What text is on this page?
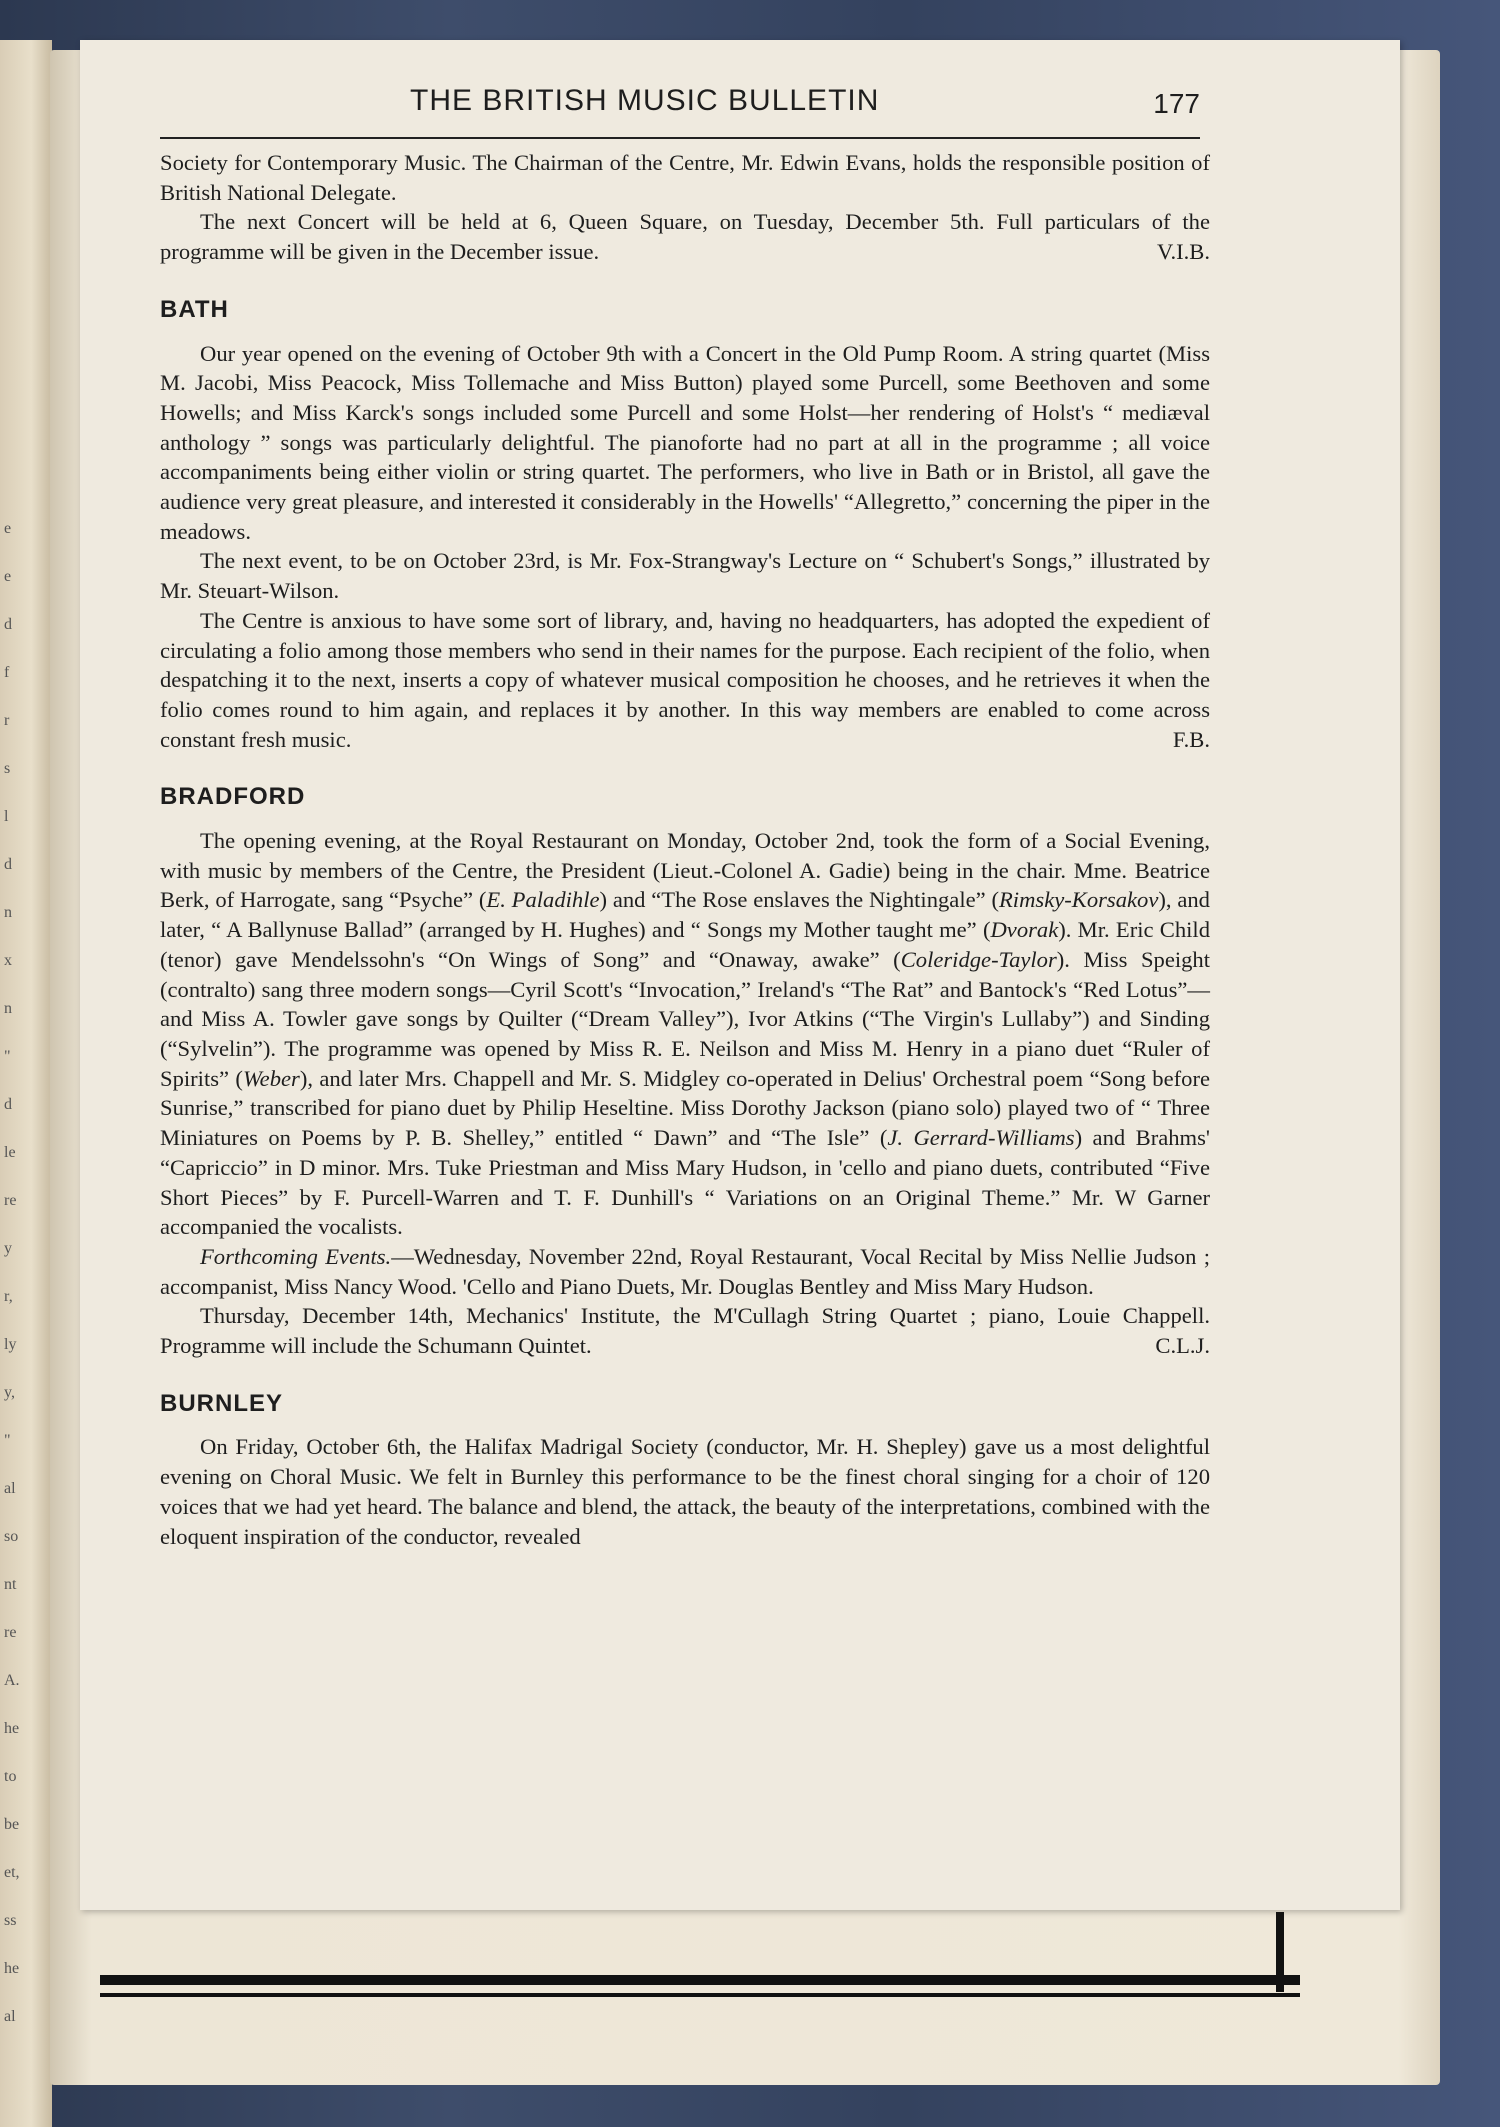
e
e
d
f
r
s
l
d
n
x
n
"
d
le
re
y
r,
ly
y,
"
al
so
nt
re
A.
he
to
be
et,
ss
he
al
THE BRITISH MUSIC BULLETIN	177

Society for Contemporary Music. The Chairman of the Centre, Mr. Edwin Evans, holds the responsible position of British National Delegate.

The next Concert will be held at 6, Queen Square, on Tuesday, December 5th. Full particulars of the programme will be given in the December issue.	V.I.B.

BATH

Our year opened on the evening of October 9th with a Concert in the Old Pump Room. A string quartet (Miss M. Jacobi, Miss Peacock, Miss Tollemache and Miss Button) played some Purcell, some Beethoven and some Howells; and Miss Karck's songs included some Purcell and some Holst—her rendering of Holst's “ mediæval anthology ” songs was particularly delightful. The pianoforte had no part at all in the programme ; all voice accompaniments being either violin or string quartet. The performers, who live in Bath or in Bristol, all gave the audience very great pleasure, and interested it considerably in the Howells' “Allegretto,” concerning the piper in the meadows.

The next event, to be on October 23rd, is Mr. Fox-Strangway's Lecture on “ Schubert's Songs,” illustrated by Mr. Steuart-Wilson.

The Centre is anxious to have some sort of library, and, having no headquarters, has adopted the expedient of circulating a folio among those members who send in their names for the purpose. Each recipient of the folio, when despatching it to the next, inserts a copy of whatever musical composition he chooses, and he retrieves it when the folio comes round to him again, and replaces it by another. In this way members are enabled to come across constant fresh music.	F.B.

BRADFORD

The opening evening, at the Royal Restaurant on Monday, October 2nd, took the form of a Social Evening, with music by members of the Centre, the President (Lieut.-Colonel A. Gadie) being in the chair. Mme. Beatrice Berk, of Harrogate, sang “Psyche” (E. Paladihle) and “The Rose enslaves the Nightingale” (Rimsky-Korsakov), and later, “ A Ballynuse Ballad” (arranged by H. Hughes) and “ Songs my Mother taught me” (Dvorak). Mr. Eric Child (tenor) gave Mendelssohn's “On Wings of Song” and “Onaway, awake” (Coleridge-Taylor). Miss Speight (contralto) sang three modern songs—Cyril Scott's “Invocation,” Ireland's “The Rat” and Bantock's “Red Lotus”—and Miss A. Towler gave songs by Quilter (“Dream Valley”), Ivor Atkins (“The Virgin's Lullaby”) and Sinding (“Sylvelin”). The programme was opened by Miss R. E. Neilson and Miss M. Henry in a piano duet “Ruler of Spirits” (Weber), and later Mrs. Chappell and Mr. S. Midgley co-operated in Delius' Orchestral poem “Song before Sunrise,” transcribed for piano duet by Philip Heseltine. Miss Dorothy Jackson (piano solo) played two of “ Three Miniatures on Poems by P. B. Shelley,” entitled “ Dawn” and “The Isle” (J. Gerrard-Williams) and Brahms' “Capriccio” in D minor. Mrs. Tuke Priestman and Miss Mary Hudson, in 'cello and piano duets, contributed “Five Short Pieces” by F. Purcell-Warren and T. F. Dunhill's “ Variations on an Original Theme.” Mr. W Garner accompanied the vocalists.

Forthcoming Events.—Wednesday, November 22nd, Royal Restaurant, Vocal Recital by Miss Nellie Judson ; accompanist, Miss Nancy Wood. 'Cello and Piano Duets, Mr. Douglas Bentley and Miss Mary Hudson.

Thursday, December 14th, Mechanics' Institute, the M'Cullagh String Quartet ; piano, Louie Chappell. Programme will include the Schumann Quintet.	C.L.J.

BURNLEY

On Friday, October 6th, the Halifax Madrigal Society (conductor, Mr. H. Shepley) gave us a most delightful evening on Choral Music. We felt in Burnley this performance to be the finest choral singing for a choir of 120 voices that we had yet heard. The balance and blend, the attack, the beauty of the interpretations, combined with the eloquent inspiration of the conductor, revealed
